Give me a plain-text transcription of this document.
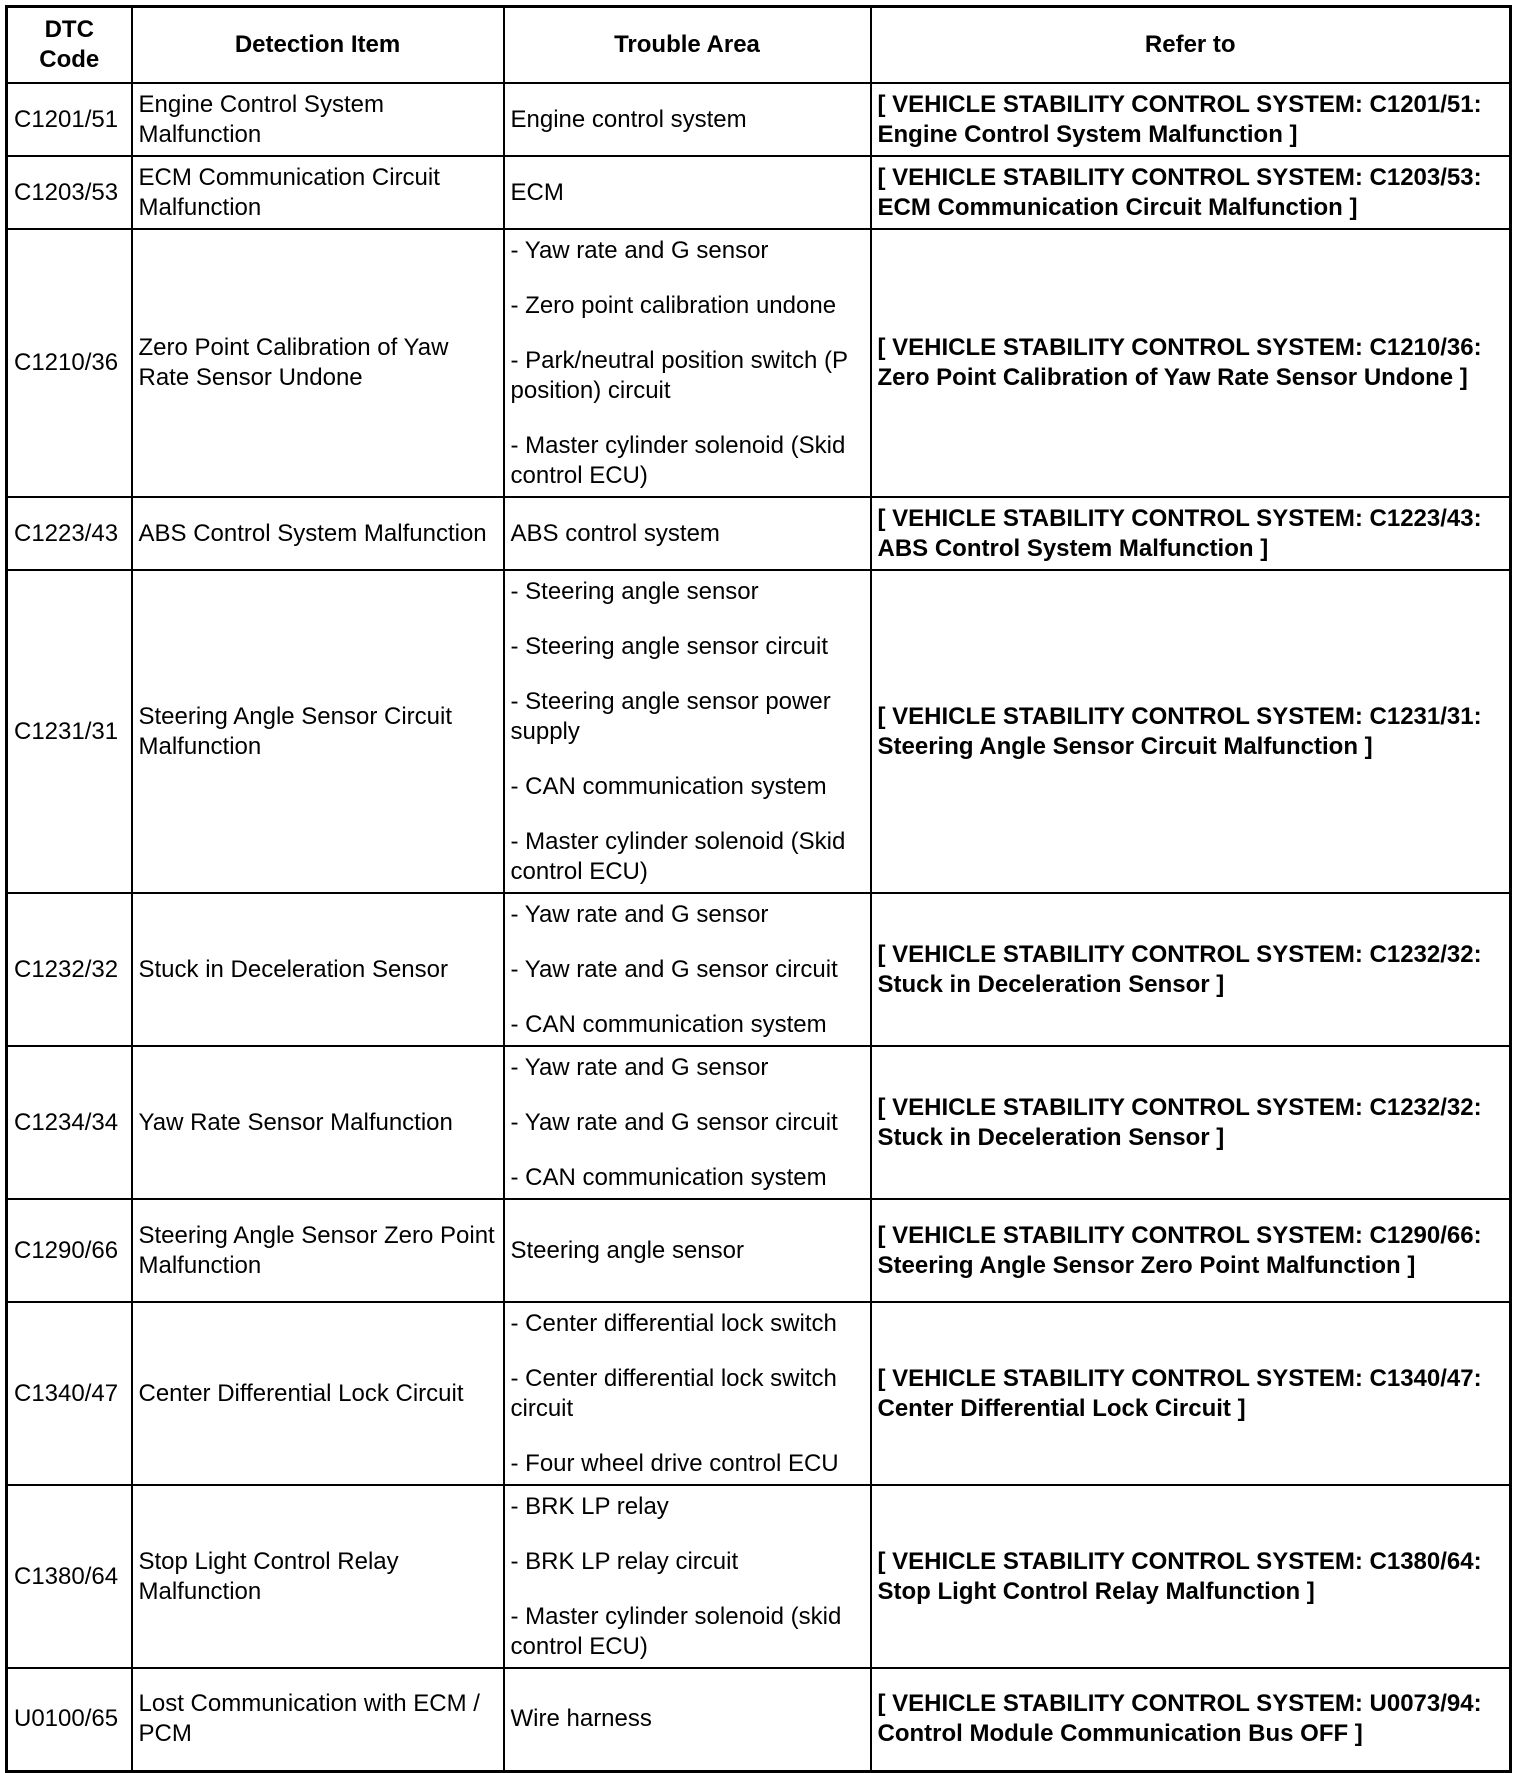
DTC Code	Detection Item	Trouble Area	Refer to
C1201/51	Engine Control System Malfunction	Engine control system	[ VEHICLE STABILITY CONTROL SYSTEM: C1201/51: Engine Control System Malfunction ]
C1203/53	ECM Communication Circuit Malfunction	ECM	[ VEHICLE STABILITY CONTROL SYSTEM: C1203/53: ECM Communication Circuit Malfunction ]
C1210/36	Zero Point Calibration of Yaw Rate Sensor Undone	- Yaw rate and G sensor
- Zero point calibration undone
- Park/neutral position switch (P position) circuit
- Master cylinder solenoid (Skid control ECU)	[ VEHICLE STABILITY CONTROL SYSTEM: C1210/36: Zero Point Calibration of Yaw Rate Sensor Undone ]
C1223/43	ABS Control System Malfunction	ABS control system	[ VEHICLE STABILITY CONTROL SYSTEM: C1223/43: ABS Control System Malfunction ]
C1231/31	Steering Angle Sensor Circuit Malfunction	- Steering angle sensor
- Steering angle sensor circuit
- Steering angle sensor power supply
- CAN communication system
- Master cylinder solenoid (Skid control ECU)	[ VEHICLE STABILITY CONTROL SYSTEM: C1231/31: Steering Angle Sensor Circuit Malfunction ]
C1232/32	Stuck in Deceleration Sensor	- Yaw rate and G sensor
- Yaw rate and G sensor circuit
- CAN communication system	[ VEHICLE STABILITY CONTROL SYSTEM: C1232/32: Stuck in Deceleration Sensor ]
C1234/34	Yaw Rate Sensor Malfunction	- Yaw rate and G sensor
- Yaw rate and G sensor circuit
- CAN communication system	[ VEHICLE STABILITY CONTROL SYSTEM: C1232/32: Stuck in Deceleration Sensor ]
C1290/66	Steering Angle Sensor Zero Point Malfunction	Steering angle sensor	[ VEHICLE STABILITY CONTROL SYSTEM: C1290/66: Steering Angle Sensor Zero Point Malfunction ]
C1340/47	Center Differential Lock Circuit	- Center differential lock switch
- Center differential lock switch circuit
- Four wheel drive control ECU	[ VEHICLE STABILITY CONTROL SYSTEM: C1340/47: Center Differential Lock Circuit ]
C1380/64	Stop Light Control Relay Malfunction	- BRK LP relay
- BRK LP relay circuit
- Master cylinder solenoid (skid control ECU)	[ VEHICLE STABILITY CONTROL SYSTEM: C1380/64: Stop Light Control Relay Malfunction ]
U0100/65	Lost Communication with ECM / PCM	Wire harness	[ VEHICLE STABILITY CONTROL SYSTEM: U0073/94: Control Module Communication Bus OFF ]
